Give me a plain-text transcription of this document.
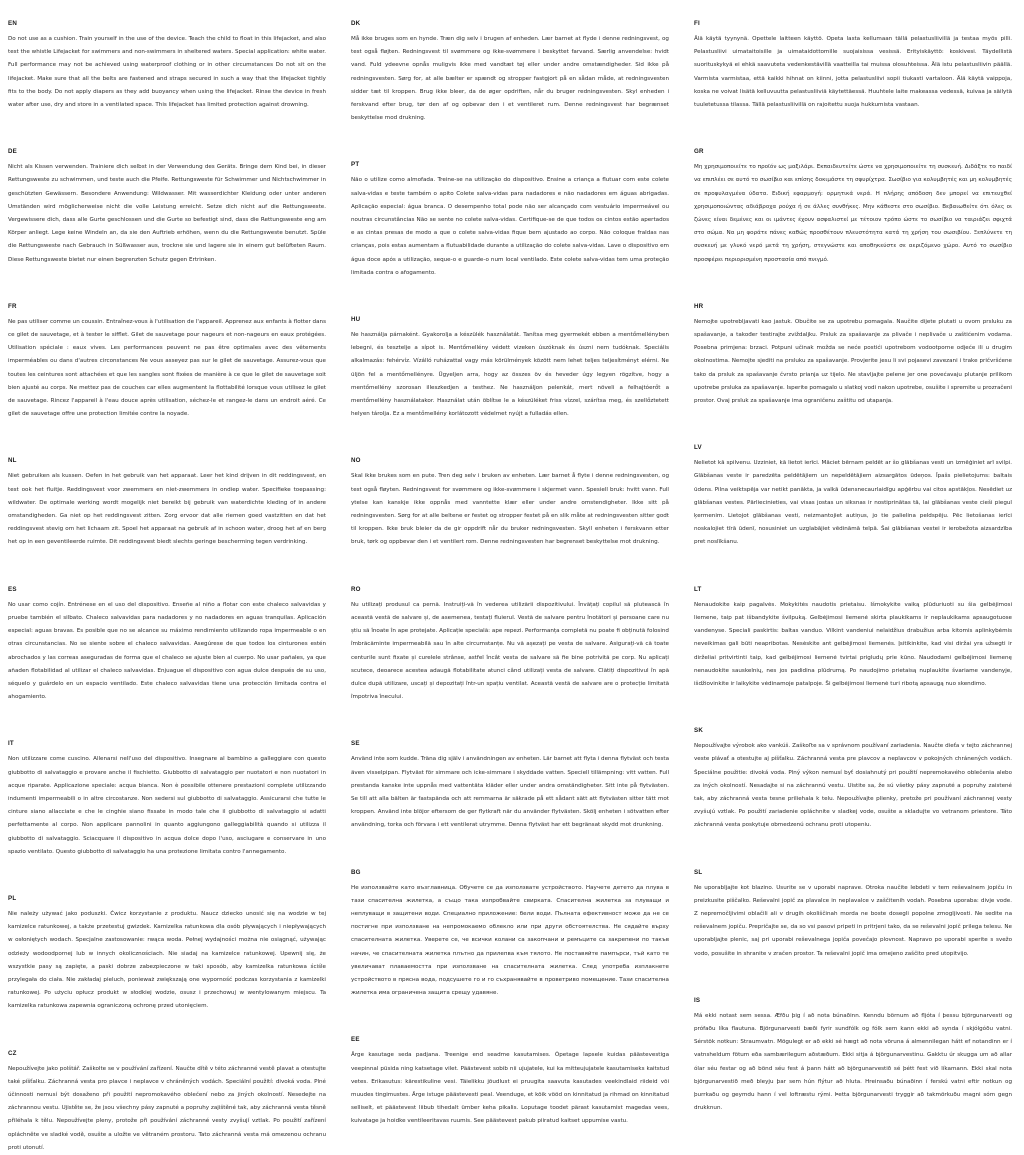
EN
Do not use as a cushion. Train yourself in the use of the device. Teach the child to float in this lifejacket, and also test the whistle Lifejacket for swimmers and non-swimmers in sheltered waters. Special application: white water. Full performance may not be achieved using waterproof clothing or in other circumstances Do not sit on the lifejacket. Make sure that all the belts are fastened and straps secured in such a way that the lifejacket tightly fits to the body. Do not apply diapers as they add buoyancy when using the lifejacket. Rinse the device in fresh water after use, dry and store in a ventilated space. This lifejacket has limited protection against drowning.
DE
Nicht als Kissen verwenden. Trainiere dich selbst in der Verwendung des Geräts. Bringe dem Kind bei, in dieser Rettungsweste zu schwimmen, und teste auch die Pfeife. Rettungsweste für Schwimmer und Nichtschwimmer in geschützten Gewässern. Besondere Anwendung: Wildwasser. Mit wasserdichter Kleidung oder unter anderen Umständen wird möglicherweise nicht die volle Leistung erreicht. Setze dich nicht auf die Rettungsweste. Vergewissere dich, dass alle Gurte geschlossen und die Gurte so befestigt sind, dass die Rettungsweste eng am Körper anliegt. Lege keine Windeln an, da sie den Auftrieb erhöhen, wenn du die Rettungsweste benutzt. Spüle die Rettungsweste nach Gebrauch in Süßwasser aus, trockne sie und lagere sie in einem gut belüfteten Raum. Diese Rettungsweste bietet nur einen begrenzten Schutz gegen Ertrinken.
FR
Ne pas utiliser comme un coussin. Entraînez-vous à l'utilisation de l'appareil. Apprenez aux enfants à flotter dans ce gilet de sauvetage, et à tester le sifflet. Gilet de sauvetage pour nageurs et non-nageurs en eaux protégées. Utilisation spéciale : eaux vives. Les performances peuvent ne pas être optimales avec des vêtements imperméables ou dans d'autres circonstances Ne vous asseyez pas sur le gilet de sauvetage. Assurez-vous que toutes les ceintures sont attachées et que les sangles sont fixées de manière à ce que le gilet de sauvetage soit bien ajusté au corps. Ne mettez pas de couches car elles augmentent la flottabilité lorsque vous utilisez le gilet de sauvetage. Rincez l'appareil à l'eau douce après utilisation, séchez-le et rangez-le dans un endroit aéré. Ce gilet de sauvetage offre une protection limitée contre la noyade.
NL
Niet gebruiken als kussen. Oefen in het gebruik van het apparaat. Leer het kind drijven in dit reddingsvest, en test ook het fluitje. Reddingsvest voor zwemmers en niet-zwemmers in ondiep water. Specifieke toepassing: wildwater. De optimale werking wordt mogelijk niet bereikt bij gebruik van waterdichte kleding of in andere omstandigheden. Ga niet op het reddingsvest zitten. Zorg ervoor dat alle riemen goed vastzitten en dat het reddingsvest stevig om het lichaam zit. Spoel het apparaat na gebruik af in schoon water, droog het af en berg het op in een geventileerde ruimte. Dit reddingsvest biedt slechts geringe bescherming tegen verdrinking.
ES
No usar como cojín. Entrénese en el uso del dispositivo. Enseñe al niño a flotar con este chaleco salvavidas y pruebe también el silbato. Chaleco salvavidas para nadadores y no nadadores en aguas tranquilas. Aplicación especial: aguas bravas. Es posible que no se alcance su máximo rendimiento utilizando ropa impermeable o en otras circunstancias. No se siente sobre el chaleco salvavidas. Asegúrese de que todos los cinturones estén abrochados y las correas aseguradas de forma que el chaleco se ajuste bien al cuerpo. No usar pañales, ya que añaden flotabilidad al utilizar el chaleco salvavidas. Enjuague el dispositivo con agua dulce después de su uso, séquelo y guárdelo en un espacio ventilado. Este chaleco salvavidas tiene una protección limitada contra el ahogamiento.
IT
Non utilizzare come cuscino. Allenarsi nell'uso del dispositivo. Insegnare al bambino a galleggiare con questo giubbotto di salvataggio e provare anche il fischietto. Giubbotto di salvataggio per nuotatori e non nuotatori in acque riparate. Applicazione speciale: acqua bianca. Non è possibile ottenere prestazioni complete utilizzando indumenti impermeabili o in altre circostanze. Non sedersi sul giubbotto di salvataggio. Assicurarsi che tutte le cinture siano allacciate e che le cinghie siano fissate in modo tale che il giubbotto di salvataggio si adatti perfettamente al corpo. Non applicare pannolini in quanto aggiungono galleggiabilità quando si utilizza il giubbotto di salvataggio. Sciacquare il dispositivo in acqua dolce dopo l'uso, asciugare e conservare in uno spazio ventilato. Questo giubbotto di salvataggio ha una protezione limitata contro l'annegamento.
PL
Nie należy używać jako poduszki. Ćwicz korzystanie z produktu. Naucz dziecko unosić się na wodzie w tej kamizelce ratunkowej, a także przetestuj gwizdek. Kamizelka ratunkowa dla osób pływających i niepływających w osłoniętych wodach. Specjalne zastosowanie: rwąca woda. Pełnej wydajności można nie osiągnąć, używając odzieży wodoodpornej lub w innych okolicznościach. Nie siadaj na kamizelce ratunkowej. Upewnij się, że wszystkie pasy są zapięte, a paski dobrze zabezpieczone w taki sposób, aby kamizelka ratunkowa ściśle przylegała do ciała. Nie zakładaj pieluch, ponieważ zwiększają one wyporność podczas korzystania z kamizelki ratunkowej. Po użyciu opłucz produkt w słodkiej wodzie, osusz i przechowuj w wentylowanym miejscu. Ta kamizelka ratunkowa zapewnia ograniczoną ochronę przed utonięciem.
CZ
Nepoužívejte jako polštář. Zaškolte se v používání zařízení. Naučte dítě v této záchranné vestě plavat a otestujte také píšťalku. Záchranná vesta pro plavce i neplavce v chráněných vodách. Speciální použití: divoká voda. Plné účinnosti nemusí být dosaženo při použití nepromokavého oblečení nebo za jiných okolností. Nesedejte na záchrannou vestu. Ujistěte se, že jsou všechny pásy zapnuté a popruhy zajištěné tak, aby záchranná vesta těsně přiléhala k tělu. Nepoužívejte pleny, protože při používání záchranné vesty zvyšují vztlak. Po použití zařízení opláchněte ve sladké vodě, osušte a uložte ve větraném prostoru. Tato záchranná vesta má omezenou ochranu proti utonutí.
DK
Må ikke bruges som en hynde. Træn dig selv i brugen af enheden. Lær barnet at flyde i denne redningsvest, og test også fløjten. Redningsvest til svømmere og ikke-svømmere i beskyttet farvand. Særlig anvendelse: hvidt vand. Fuld ydeevne opnås muligvis ikke med vandtæt tøj eller under andre omstændigheder. Sid ikke på redningsvesten. Sørg for, at alle bælter er spændt og stropper fastgjort på en sådan måde, at redningsvesten sidder tæt til kroppen. Brug ikke bleer, da de øger opdriften, når du bruger redningsvesten. Skyl enheden i ferskvand efter brug, tør den af og opbevar den i et ventileret rum. Denne redningsvest har begrænset beskyttelse mod drukning.
PT
Não o utilize como almofada. Treine-se na utilização do dispositivo. Ensine a criança a flutuar com este colete salva-vidas e teste também o apito Colete salva-vidas para nadadores e não nadadores em águas abrigadas. Aplicação especial: água branca. O desempenho total pode não ser alcançado com vestuário impermeável ou noutras circunstâncias Não se sente no colete salva-vidas. Certifique-se de que todos os cintos estão apertados e as cintas presas de modo a que o colete salva-vidas fique bem ajustado ao corpo. Não coloque fraldas nas crianças, pois estas aumentam a flutuabilidade durante a utilização do colete salva-vidas. Lave o dispositivo em água doce após a utilização, seque-o e guarde-o num local ventilado. Este colete salva-vidas tem uma proteção limitada contra o afogamento.
HU
Ne használja párnaként. Gyakorolja a készülék használatát. Tanítsa meg gyermekét ebben a mentőmellényben lebegni, és tesztelje a sípot is. Mentőmellény védett vizeken úszóknak és úszni nem tudóknak. Speciális alkalmazás: fehérvíz. Vízálló ruházattal vagy más körülmények között nem lehet teljes teljesítményt elérni. Ne üljön fel a mentőmellényre. Ügyeljen arra, hogy az összes öv és heveder úgy legyen rögzítve, hogy a mentőmellény szorosan illeszkedjen a testhez. Ne használjon pelenkát, mert növeli a felhajtóerőt a mentőmellény használatakor. Használat után öblítse le a készüléket friss vízzel, szárítsa meg, és szellőztetett helyen tárolja. Ez a mentőmellény korlátozott védelmet nyújt a fulladás ellen.
NO
Skal ikke brukes som en pute. Tren deg selv i bruken av enheten. Lær barnet å flyte i denne redningsvesten, og test også fløyten. Redningsvest for svømmere og ikke-svømmere i skjermet vann. Spesiell bruk: hvitt vann. Full ytelse kan kanskje ikke oppnås med vanntette klær eller under andre omstendigheter. Ikke sitt på redningsvesten. Sørg for at alle beltene er festet og stropper festet på en slik måte at redningsvesten sitter godt til kroppen. Ikke bruk bleier da de gir oppdrift når du bruker redningsvesten. Skyll enheten i ferskvann etter bruk, tørk og oppbevar den i et ventilert rom. Denne redningsvesten har begrenset beskyttelse mot drukning.
RO
Nu utilizați produsul ca pernă. Instruiți-vă în vederea utilizării dispozitivului. Învățați copilul să plutească în această vestă de salvare și, de asemenea, testați fluierul. Vestă de salvare pentru înotători și persoane care nu știu să înoate în ape protejate. Aplicație specială: ape repezi. Performanța completă nu poate fi obținută folosind îmbrăcăminte impermeabilă sau în alte circumstanțe. Nu vă așezați pe vesta de salvare. Asigurați-vă că toate centurile sunt fixate și curelele strânse, astfel încât vesta de salvare să fie bine potrivită pe corp. Nu aplicați scutece, deoarece acestea adaugă flotabilitate atunci când utilizați vesta de salvare. Clătiți dispozitivul în apă dulce după utilizare, uscați și depozitați într-un spațiu ventilat. Această vestă de salvare are o protecție limitată împotriva înecului.
SE
Använd inte som kudde. Träna dig själv i användningen av enheten. Lär barnet att flyta i denna flytväst och testa även visselpipan. Flytväst för simmare och icke-simmare i skyddade vatten. Speciell tillämpning: vitt vatten. Full prestanda kanske inte uppnås med vattentäta kläder eller under andra omständigheter. Sitt inte på flytvästen. Se till att alla bälten är fastspända och att remmarna är säkrade på ett sådant sätt att flytvästen sitter tätt mot kroppen. Använd inte blöjor eftersom de ger flytkraft när du använder flytvästen. Skölj enheten i sötvatten efter användning, torka och förvara i ett ventilerat utrymme. Denna flytväst har ett begränsat skydd mot drunkning.
BG
Не използвайте като възглавница. Обучете се да използвате устройството. Научете детето да плува в тази спасителна жилетка, а също така изпробвайте свирката. Спасителна жилетка за плуващи и неплуващи в защитени води. Специално приложение: бели води. Пълната ефективност може да не се постигне при използване на непромокаемо облекло или при други обстоятелства. Не сядайте върху спасителната жилетка. Уверете се, че всички колани са закопчани и ремъците са закрепени по такъв начин, че спасителната жилетка плътно да прилепва към тялото. Не поставяйте пампърси, тъй като те увеличават плаваемостта при използване на спасителната жилетка. След употреба изплакнете устройството в прясна вода, подсушете го и го съхранявайте в проветриво помещение. Тази спасителна жилетка има ограничена защита срещу удавяне.
EE
Ärge kasutage seda padjana. Treenige end seadme kasutamises. Õpetage lapsele kuidas päästevestiga veepinnal püsida ning katsetage vilet. Päästevest sobib nii ujujatele, kui ka mitteujujatele kasutamiseks kaitstud vetes. Erikasutus: kärestikuline vesi. Täielikku jõudlust ei pruugita saavuta kasutades veekindlaid riideid või muudes tingimustes. Ärge istuge päästevesti peal. Veenduge, et kõik vööd on kinnitatud ja rihmad on kinnitatud selliselt, et päästevest liibub tihedalt ümber keha pikalis. Loputage toodet pärast kasutamist magedas vees, kuivatage ja hoidke ventileeritavas ruumis. See päästevest pakub piiratud kaitset uppumise vastu.
FI
Älä käytä tyynynä. Opettele laitteen käyttö. Opeta lasta kellumaan tällä pelastusliivillä ja testaa myös pilli. Pelastusliivi uimataitoisille ja uimataidottomille suojaisissa vesissä. Erityiskäyttö: koskivesi. Täydellistä suorituskykyä ei ehkä saavuteta vedenkestävillä vaatteilla tai muissa olosuhteissa. Älä istu pelastusliivin päällä. Varmista varmistaa, että kaikki hihnat on kiinni, jotta pelastusliivi sopii tiukasti vartaloon. Älä käytä vaippoja, koska ne voivat lisätä kelluvuutta pelastusliiviä käytettäessä. Huuhtele laite makeassa vedessä, kuivaa ja säilytä tuuletetussa tilassa. Tällä pelastusliivillä on rajoitettu suoja hukkumista vastaan.
GR
Μη χρησιμοποιείτε το προϊόν ως μαξιλάρι. Εκπαιδευτείτε ώστε να χρησιμοποιείτε τη συσκευή. Διδάξτε το παιδί να επιπλέει σε αυτό το σωσίβιο και επίσης δοκιμάστε τη σφυρίχτρα. Σωσίβιο για κολυμβητές και μη κολυμβητές σε προφυλαγμένα ύδατα. Ειδική εφαρμογή: ορμητικά νερά. Η πλήρης απόδοση δεν μπορεί να επιτευχθεί χρησιμοποιώντας αδιάβροχα ρούχα ή σε άλλες συνθήκες. Μην κάθεστε στο σωσίβιο. Βεβαιωθείτε ότι όλες οι ζώνες είναι δεμένες και οι ιμάντες έχουν ασφαλιστεί με τέτοιον τρόπο ώστε το σωσίβιο να ταιριάζει σφιχτά στο σώμα. Να μη φοράτε πάνες καθώς προσθέτουν πλευστότητα κατά τη χρήση του σωσιβίου. Ξεπλύνετε τη συσκευή με γλυκό νερό μετά τη χρήση, στεγνώστε και αποθηκεύστε σε αεριζόμενο χώρο. Αυτό το σωσίβιο προσφέρει περιορισμένη προστασία από πνιγμό.
HR
Nemojte upotrebljavati kao jastuk. Obučite se za upotrebu pomagala. Naučite dijete plutati u ovom prsluku za spašavanje, a također testirajte zviždaljku. Prsluk za spašavanje za plivače i neplivače u zaštićenim vodama. Posebna primjena: brzaci. Potpuni učinak možda se neće postići upotrebom vodootporne odjeće ili u drugim okolnostima. Nemojte sjediti na prsluku za spašavanje. Provjerite jesu li svi pojasevi zavezani i trake pričvršćene tako da prsluk za spašavanje čvrsto prianja uz tijelo. Ne stavljajte pelene jer one povećavaju plutanje prilikom upotrebe prsluka za spašavanje. Isperite pomagalo u slatkoj vodi nakon upotrebe, osušite i spremite u prozračeni prostor. Ovaj prsluk za spašavanje ima ograničenu zaštitu od utapanja.
LV
Nelietot kā spilvenu. Uzziniet, kā lietot ierīci. Māciet bērnam peldēt ar šo glābšanas vesti un izmēģiniet arī svilpi. Glābšanas veste ir paredzēta peldētājiem un nepeldētājiem aizsargātos ūdeņos. Īpašs pielietojums: baltais ūdens. Pilna veiktspēja var netikt panākta, ja valkā ūdensnecaurlaidīgu apģērbu vai citos apstākļos. Nesēdiet uz glābšanas vestes. Pārliecinieties, vai visas jostas un siksnas ir nostiprinātas tā, lai glābšanas veste cieši piegul ķermenim. Lietojot glābšanas vesti, neizmantojiet autiņus, jo tie palielina peldspēju. Pēc lietošanas ierīci noskalojiet tīrā ūdenī, nosusiniet un uzglabājiet vēdināmā telpā. Šai glābšanas vestei ir ierobežota aizsardzība pret noslīkšanu.
LT
Nenaudokite kaip pagalvės. Mokykitės naudotis prietaisu. Išmokykite vaiką plūduriuoti su šia gelbėjimosi liemene, taip pat išbandykite švilpuką. Gelbėjimosi liemenė skirta plaukikams ir neplaukikams apsaugotuose vandenyse. Speciali paskirtis: baltas vanduo. Vilkint vandeniui nelaidžius drabužius arba kitomis aplinkybėmis neveikimas gali būti neapribotas. Nesėskite ant gelbėjimosi liemenės. Įsitikinkite, kad visi diržai yra užsegti ir dirželiai pritvirtinti taip, kad gelbėjimosi liemenė tvirtai prigludų prie kūno. Naudodami gelbėjimosi liemenę nenaudokite sauskelnių, nes jos padidina plūdrumą. Po naudojimo prietaisą nuplaukite švariame vandenyje, išdžiovinkite ir laikykite vėdinamoje patalpoje. Ši gelbėjimosi liemenė turi ribotą apsaugą nuo skendimo.
SK
Nepoužívajte výrobok ako vankúš. Zaškoľte sa v správnom používaní zariadenia. Naučte dieťa v tejto záchrannej veste plávať a otestujte aj píšťalku. Záchranná vesta pre plavcov a neplavcov v pokojných chránených vodách. Špeciálne použitie: divoká voda. Plný výkon nemusí byť dosiahnutý pri použití nepremokavého oblečenia alebo za iných okolností. Nesadajte si na záchrannú vestu. Uistite sa, že sú všetky pásy zapnuté a popruhy zaistené tak, aby záchranná vesta tesne priliehala k telu. Nepoužívajte plienky, pretože pri používaní záchrannej vesty zvyšujú vztlak. Po použití zariadenie opláchnite v sladkej vode, osušte a skladujte vo vetranom priestore. Táto záchranná vesta poskytuje obmedzenú ochranu proti utopeniu.
SL
Ne uporabljajte kot blazino. Usurite se v uporabi naprave. Otroka naučite lebdeti v tem reševalnem jopiču in preizkusite piščalko. Reševalni jopič za plavalce in neplavalce v zaščitenih vodah. Posebna uporaba: divje vode. Z nepremočljivimi oblačili ali v drugih okoliščinah morda ne boste dosegli popolne zmogljivosti. Ne sedite na reševalnem jopiču. Prepričajte se, da so vsi pasovi pripeti in pritrjeni tako, da se reševalni jopič prilega telesu. Ne uporabljajte plenic, saj pri uporabi reševalnega jopiča povečajo plovnost. Napravo po uporabi sperite s svežo vodo, posušite in shranite v zračen prostor. Ta reševalni jopič ima omejeno zaščito pred utopitvijo.
IS
Má ekki notast sem sessa. Æfðu þig í að nota búnaðinn. Kenndu börnum að fljóta í þessu björgunarvesti og prófaðu líka flautuna. Björgunarvesti bæði fyrir sundfólk og fólk sem kann ekki að synda í skjólgóðu vatni. Sérstök notkun: Straumvatn. Mögulegt er að ekki sé hægt að nota vöruna á almennilegan hátt ef notandinn er í vatnsheldum fötum eða sambærilegum aðstæðum. Ekki sitja á björgunarvestinu. Gakktu úr skugga um að allar ólar séu festar og að bönd séu fest á þann hátt að björgunarvestið sé þétt fest við líkamann. Ekki skal nota björgunarvestið með bleyju þar sem hún flýtur að hluta. Hreinsaðu búnaðinn í ferskú vatni eftir notkun og þurrkaðu og geymdu hann í vel loftræstu rými. Þetta björgunarvesti tryggir að takmörkuðu magni sóm gegn drukknun.
